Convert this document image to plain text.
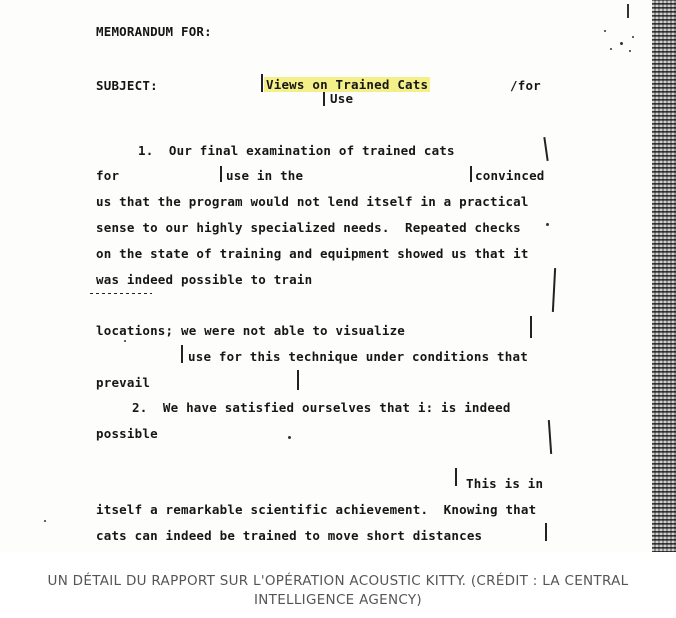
MEMORANDUM FOR:
SUBJECT:	Views on Trained Cats	/for
Use
1.  Our final examination of trained cats
for	use in the	convinced
us that the program would not lend itself in a practical
sense to our highly specialized needs.  Repeated checks
on the state of training and equipment showed us that it
was indeed possible to train
locations; we were not able to visualize
use for this technique under conditions that
prevail
2.  We have satisfied ourselves that i: is indeed
possible
This is in
itself a remarkable scientific achievement.  Knowing that
cats can indeed be trained to move short distances
UN DÉTAIL DU RAPPORT SUR L'OPÉRATION ACOUSTIC KITTY. (CRÉDIT : LA CENTRAL INTELLIGENCE AGENCY)
